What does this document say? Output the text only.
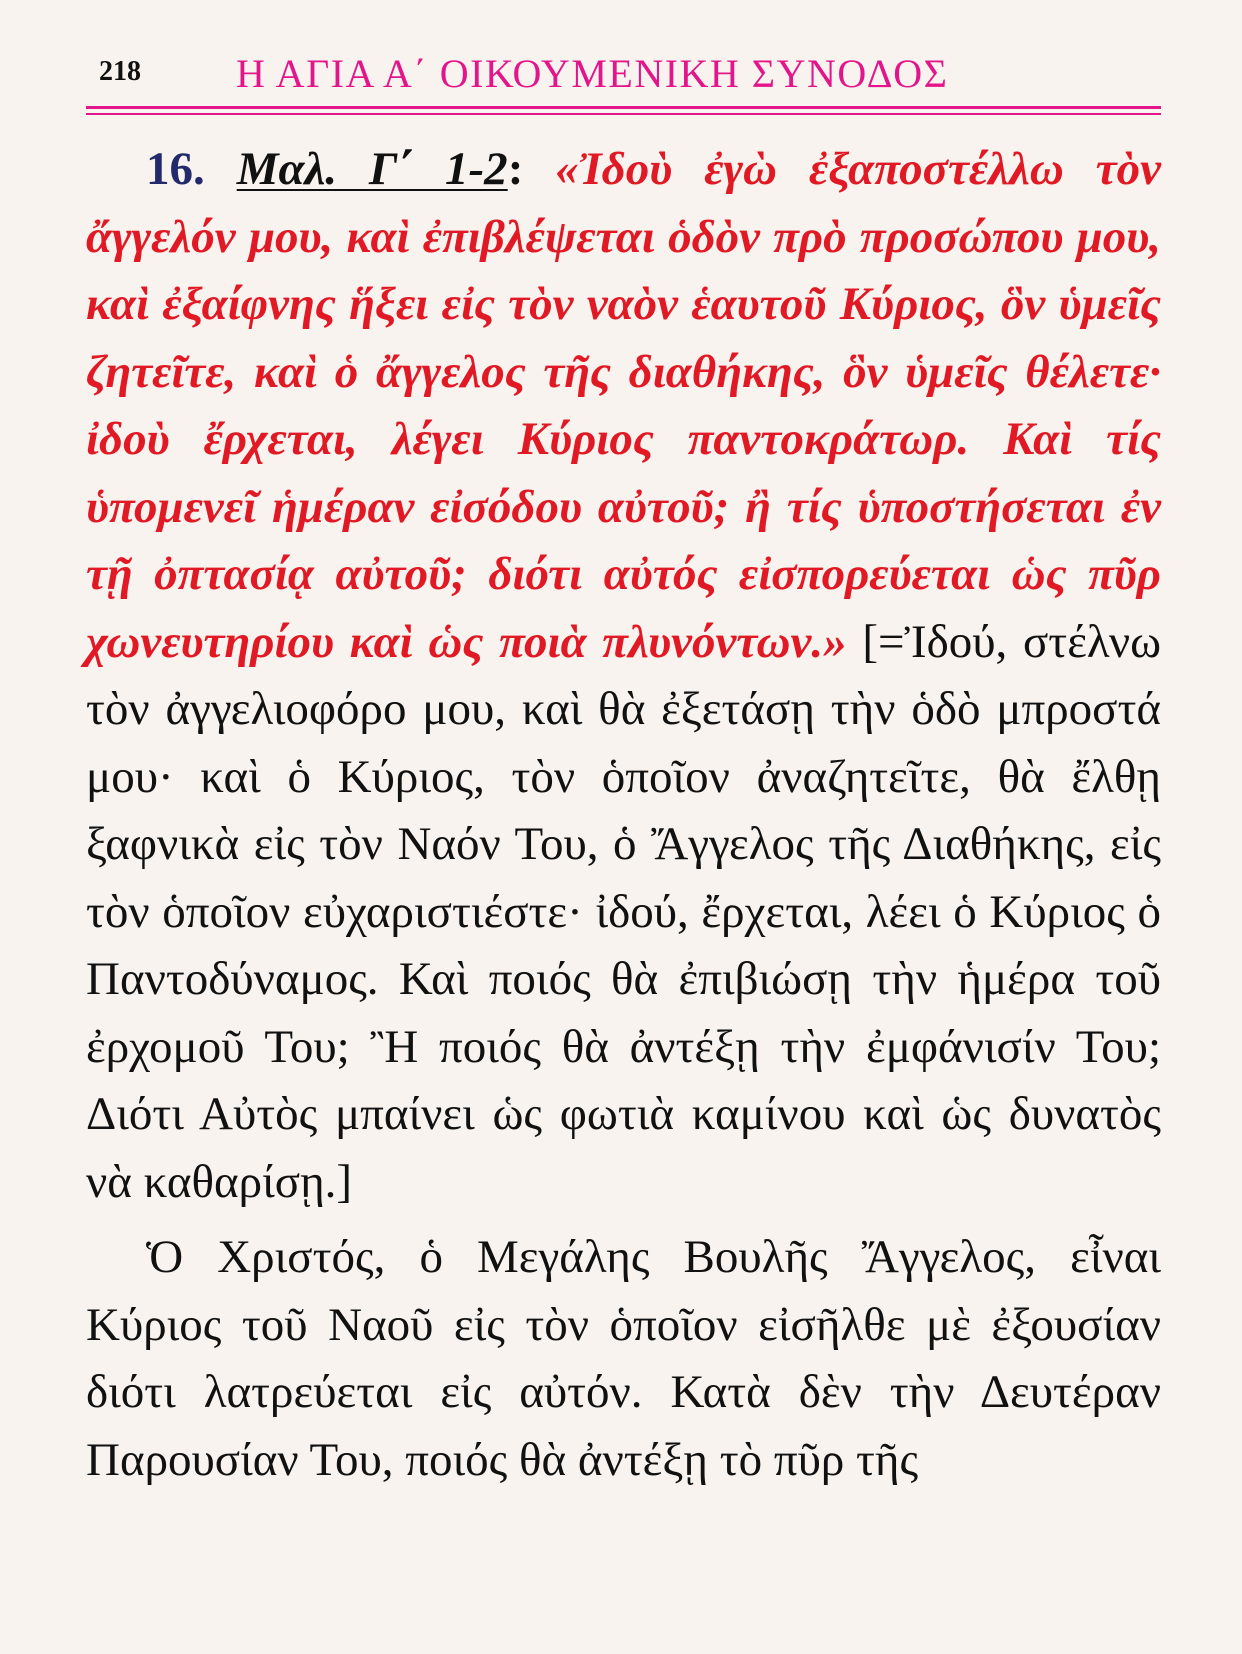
218 Η ΑΓΙΑ Α΄ ΟΙΚΟΥΜΕΝΙΚΗ ΣΥΝΟΔΟΣ

16. Μαλ. Γ΄ 1-2: «Ἰδοὺ ἐγὼ ἐξαποστέλλω τὸν ἄγγελόν μου, καὶ ἐπιβλέψεται ὁδὸν πρὸ προσώπου μου, καὶ ἐξαίφνης ἥξει εἰς τὸν ναὸν ἑαυτοῦ Κύριος, ὃν ὑμεῖς ζητεῖτε, καὶ ὁ ἄγγελος τῆς διαθήκης, ὃν ὑμεῖς θέλετε· ἰδοὺ ἔρχεται, λέγει Κύριος παντοκράτωρ. Καὶ τίς ὑπομενεῖ ἡμέραν εἰσόδου αὐτοῦ; ἢ τίς ὑποστήσεται ἐν τῇ ὀπτασίᾳ αὐτοῦ; διότι αὐτός εἰσπορεύεται ὡς πῦρ χωνευτηρίου καὶ ὡς ποιὰ πλυνόντων.» [=Ἰδού, στέλνω τὸν ἀγγελιοφόρο μου, καὶ θὰ ἐξετάσῃ τὴν ὁδὸ μπροστά μου· καὶ ὁ Κύριος, τὸν ὁποῖον ἀναζητεῖτε, θὰ ἔλθῃ ξαφνικὰ εἰς τὸν Ναόν Του, ὁ Ἄγγελος τῆς Διαθήκης, εἰς τὸν ὁποῖον εὐχαριστιέστε· ἰδού, ἔρχεται, λέει ὁ Κύριος ὁ Παντοδύναμος. Καὶ ποιός θὰ ἐπιβιώσῃ τὴν ἡμέρα τοῦ ἐρχομοῦ Του; Ἢ ποιός θὰ ἀντέξῃ τὴν ἐμφάνισίν Του; Διότι Αὐτὸς μπαίνει ὡς φωτιὰ καμίνου καὶ ὡς δυνατὸς νὰ καθαρίσῃ.]

Ὁ Χριστός, ὁ Μεγάλης Βουλῆς Ἄγγελος, εἶναι Κύριος τοῦ Ναοῦ εἰς τὸν ὁποῖον εἰσῆλθε μὲ ἐξουσίαν διότι λατρεύεται εἰς αὐτόν. Κατὰ δὲν τὴν Δευτέραν Παρουσίαν Του, ποιός θὰ ἀντέξῃ τὸ πῦρ τῆς
